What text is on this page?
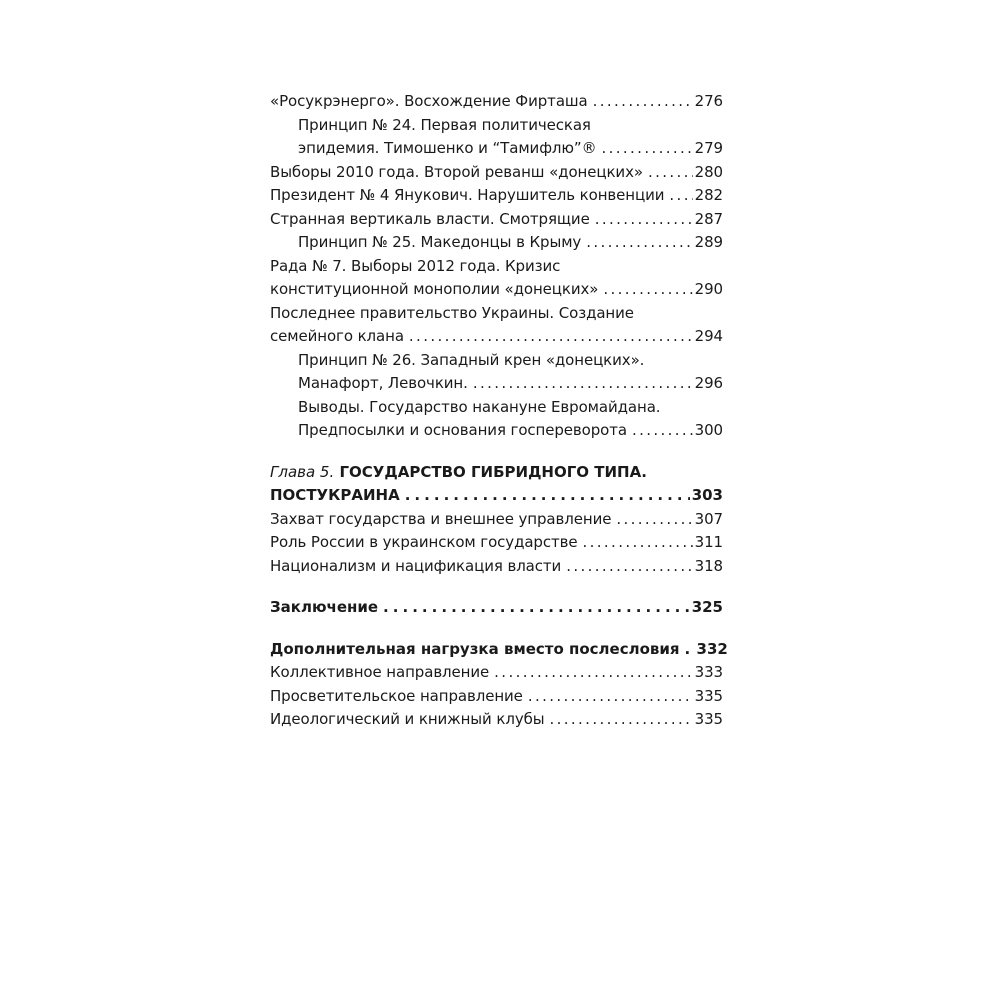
«Росукрэнерго». Восхождение Фирташа . . .	276
Принцип № 24. Первая политическая
эпидемия. Тимошенко и “Тамифлю”® . . .	279
Выборы 2010 года. Второй реванш «донецких» . . .	280
Президент № 4 Янукович. Нарушитель конвенции . . . 282
Странная вертикаль власти. Смотрящие . . .	287
Принцип № 25. Македонцы в Крыму . . .	289
Рада № 7. Выборы 2012 года. Кризис
конституционной монополии «донецких» . . .	290
Последнее правительство Украины. Создание
семейного клана . . .	294
Принцип № 26. Западный крен «донецких».
Манафорт, Левочкин. . . .	296
Выводы. Государство накануне Евромайдана.
Предпосылки и основания госпереворота . . .	300
Глава 5. ГОСУДАРСТВО ГИБРИДНОГО ТИПА.
ПОСТУКРАИНА . . .	303
Захват государства и внешнее управление . . .	307
Роль России в украинском государстве . . .	311
Национализм и нацификация власти . . .	318
Заключение . . .	325
Дополнительная нагрузка вместо послесловия . . . 332
Коллективное направление . . .	333
Просветительское направление . . .	335
Идеологический и книжный клубы . . .	335
